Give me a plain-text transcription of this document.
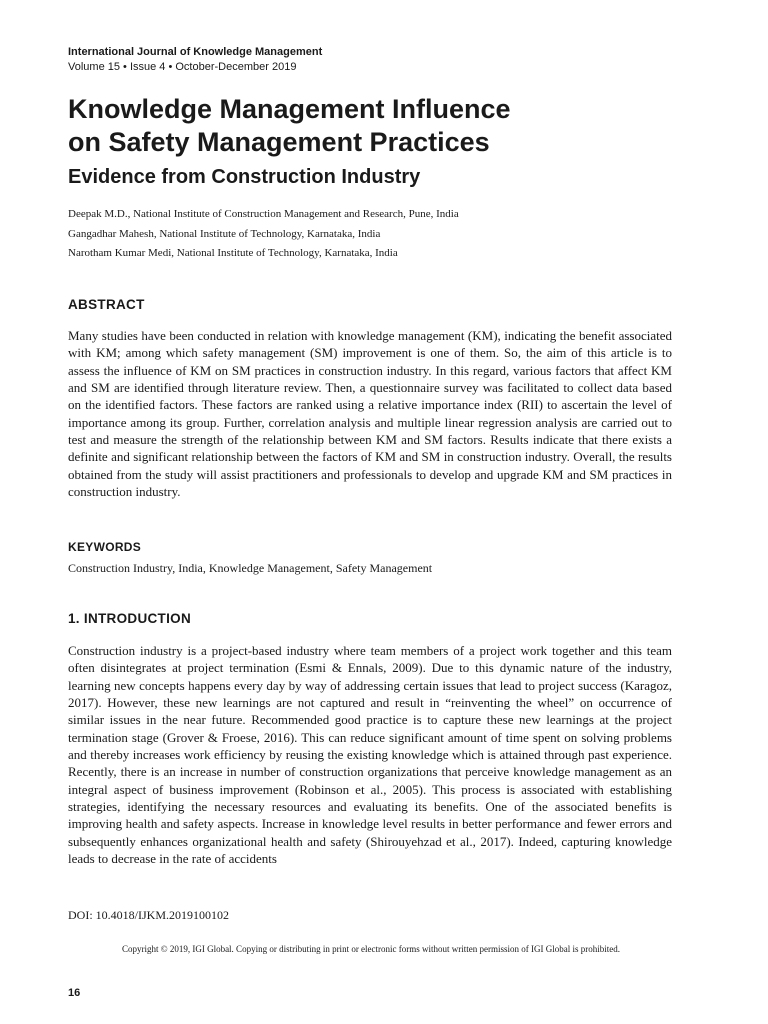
International Journal of Knowledge Management
Volume 15 • Issue 4 • October-December 2019
Knowledge Management Influence
on Safety Management Practices
Evidence from Construction Industry
Deepak M.D., National Institute of Construction Management and Research, Pune, India
Gangadhar Mahesh, National Institute of Technology, Karnataka, India
Narotham Kumar Medi, National Institute of Technology, Karnataka, India
ABSTRACT

Many studies have been conducted in relation with knowledge management (KM), indicating the benefit associated with KM; among which safety management (SM) improvement is one of them. So, the aim of this article is to assess the influence of KM on SM practices in construction industry. In this regard, various factors that affect KM and SM are identified through literature review. Then, a questionnaire survey was facilitated to collect data based on the identified factors. These factors are ranked using a relative importance index (RII) to ascertain the level of importance among its group. Further, correlation analysis and multiple linear regression analysis are carried out to test and measure the strength of the relationship between KM and SM factors. Results indicate that there exists a definite and significant relationship between the factors of KM and SM in construction industry. Overall, the results obtained from the study will assist practitioners and professionals to develop and upgrade KM and SM practices in construction industry.

KEYWORDS
Construction Industry, India, Knowledge Management, Safety Management
1. INTRODUCTION

Construction industry is a project-based industry where team members of a project work together and this team often disintegrates at project termination (Esmi & Ennals, 2009). Due to this dynamic nature of the industry, learning new concepts happens every day by way of addressing certain issues that lead to project success (Karagoz, 2017). However, these new learnings are not captured and result in “reinventing the wheel” on occurrence of similar issues in the near future. Recommended good practice is to capture these new learnings at the project termination stage (Grover & Froese, 2016). This can reduce significant amount of time spent on solving problems and thereby increases work efficiency by reusing the existing knowledge which is attained through past experience. Recently, there is an increase in number of construction organizations that perceive knowledge management as an integral aspect of business improvement (Robinson et al., 2005). This process is associated with establishing strategies, identifying the necessary resources and evaluating its benefits. One of the associated benefits is improving health and safety aspects. Increase in knowledge level results in better performance and fewer errors and subsequently enhances organizational health and safety (Shirouyehzad et al., 2017). Indeed, capturing knowledge leads to decrease in the rate of accidents

DOI: 10.4018/IJKM.2019100102
Copyright © 2019, IGI Global. Copying or distributing in print or electronic forms without written permission of IGI Global is prohibited.
16
